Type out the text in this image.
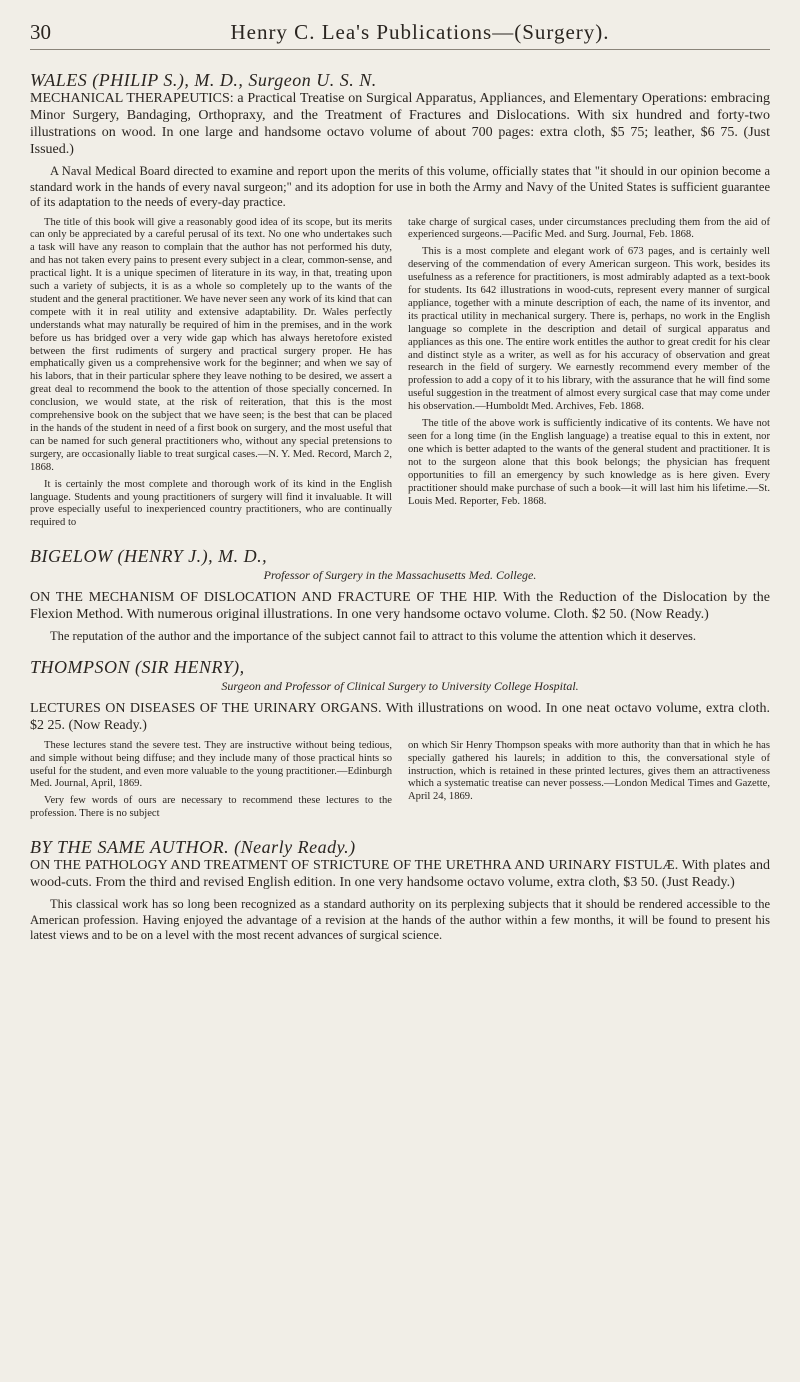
30	Henry C. Lea's Publications—(Surgery).
WALES (PHILIP S.), M. D., Surgeon U. S. N.
MECHANICAL THERAPEUTICS: a Practical Treatise on Surgical Apparatus, Appliances, and Elementary Operations: embracing Minor Surgery, Bandaging, Orthopraxy, and the Treatment of Fractures and Dislocations. With six hundred and forty-two illustrations on wood. In one large and handsome octavo volume of about 700 pages: extra cloth, $5 75; leather, $6 75. (Just Issued.)

A Naval Medical Board directed to examine and report upon the merits of this volume, officially states that "it should in our opinion become a standard work in the hands of every naval surgeon;" and its adoption for use in both the Army and Navy of the United States is sufficient guarantee of its adaptation to the needs of every-day practice.

The title of this book will give a reasonably good idea of its scope, but its merits can only be appreciated by a careful perusal of its text. No one who undertakes such a task will have any reason to complain that the author has not performed his duty, and has not taken every pains to present every subject in a clear, common-sense, and practical light. It is a unique specimen of literature in its way, in that, treating upon such a variety of subjects, it is as a whole so completely up to the wants of the student and the general practitioner. We have never seen any work of its kind that can compete with it in real utility and extensive adaptability. Dr. Wales perfectly understands what may naturally be required of him in the premises, and in the work before us has bridged over a very wide gap which has always heretofore existed between the first rudiments of surgery and practical surgery proper. He has emphatically given us a comprehensive work for the beginner; and when we say of his labors, that in their particular sphere they leave nothing to be desired, we assert a great deal to recommend the book to the attention of those specially concerned. In conclusion, we would state, at the risk of reiteration, that this is the most comprehensive book on the subject that we have seen; is the best that can be placed in the hands of the student in need of a first book on surgery, and the most useful that can be named for such general practitioners who, without any special pretensions to surgery, are occasionally liable to treat surgical cases.—N. Y. Med. Record, March 2, 1868.

It is certainly the most complete and thorough work of its kind in the English language. Students and young practitioners of surgery will find it invaluable. It will prove especially useful to inexperienced country practitioners, who are continually required to

take charge of surgical cases, under circumstances precluding them from the aid of experienced surgeons.—Pacific Med. and Surg. Journal, Feb. 1868.

This is a most complete and elegant work of 673 pages, and is certainly well deserving of the commendation of every American surgeon. This work, besides its usefulness as a reference for practitioners, is most admirably adapted as a text-book for students. Its 642 illustrations in wood-cuts, represent every manner of surgical appliance, together with a minute description of each, the name of its inventor, and its practical utility in mechanical surgery. There is, perhaps, no work in the English language so complete in the description and detail of surgical apparatus and appliances as this one. The entire work entitles the author to great credit for his clear and distinct style as a writer, as well as for his accuracy of observation and great research in the field of surgery. We earnestly recommend every member of the profession to add a copy of it to his library, with the assurance that he will find some useful suggestion in the treatment of almost every surgical case that may come under his observation.—Humboldt Med. Archives, Feb. 1868.

The title of the above work is sufficiently indicative of its contents. We have not seen for a long time (in the English language) a treatise equal to this in extent, nor one which is better adapted to the wants of the general student and practitioner. It is not to the surgeon alone that this book belongs; the physician has frequent opportunities to fill an emergency by such knowledge as is here given. Every practitioner should make purchase of such a book—it will last him his lifetime.—St. Louis Med. Reporter, Feb. 1868.

BIGELOW (HENRY J.), M. D.,
Professor of Surgery in the Massachusetts Med. College.
ON THE MECHANISM OF DISLOCATION AND FRACTURE OF THE HIP. With the Reduction of the Dislocation by the Flexion Method. With numerous original illustrations. In one very handsome octavo volume. Cloth. $2 50. (Now Ready.)

The reputation of the author and the importance of the subject cannot fail to attract to this volume the attention which it deserves.

THOMPSON (SIR HENRY),
Surgeon and Professor of Clinical Surgery to University College Hospital.
LECTURES ON DISEASES OF THE URINARY ORGANS. With illustrations on wood. In one neat octavo volume, extra cloth. $2 25. (Now Ready.)

These lectures stand the severe test. They are instructive without being tedious, and simple without being diffuse; and they include many of those practical hints so useful for the student, and even more valuable to the young practitioner.—Edinburgh Med. Journal, April, 1869.

Very few words of ours are necessary to recommend these lectures to the profession. There is no subject

on which Sir Henry Thompson speaks with more authority than that in which he has specially gathered his laurels; in addition to this, the conversational style of instruction, which is retained in these printed lectures, gives them an attractiveness which a systematic treatise can never possess.—London Medical Times and Gazette, April 24, 1869.

BY THE SAME AUTHOR. (Nearly Ready.)
ON THE PATHOLOGY AND TREATMENT OF STRICTURE OF THE URETHRA AND URINARY FISTULÆ. With plates and wood-cuts. From the third and revised English edition. In one very handsome octavo volume, extra cloth, $3 50. (Just Ready.)

This classical work has so long been recognized as a standard authority on its perplexing subjects that it should be rendered accessible to the American profession. Having enjoyed the advantage of a revision at the hands of the author within a few months, it will be found to present his latest views and to be on a level with the most recent advances of surgical science.
